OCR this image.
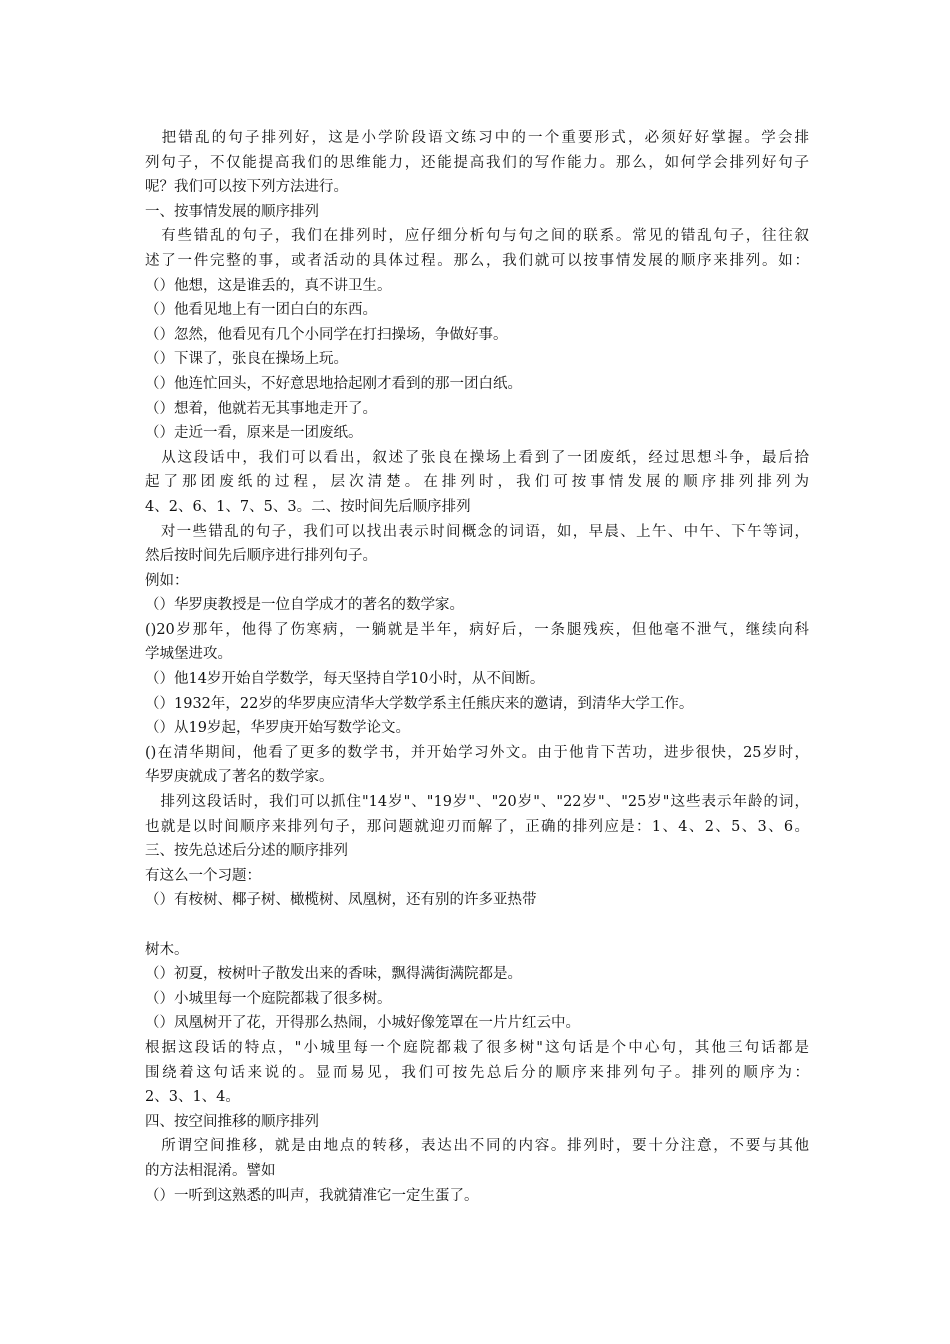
　把错乱的句子排列好，这是小学阶段语文练习中的一个重要形式，必须好好掌握。学会排
列句子，不仅能提高我们的思维能力，还能提高我们的写作能力。那么，如何学会排列好句子
呢？我们可以按下列方法进行。
一、按事情发展的顺序排列
　有些错乱的句子，我们在排列时，应仔细分析句与句之间的联系。常见的错乱句子，往往叙
述了一件完整的事，或者活动的具体过程。那么，我们就可以按事情发展的顺序来排列。如：
（）他想，这是谁丢的，真不讲卫生。
（）他看见地上有一团白白的东西。
（）忽然，他看见有几个小同学在打扫操场，争做好事。
（）下课了，张良在操场上玩。
（）他连忙回头，不好意思地拾起刚才看到的那一团白纸。
（）想着，他就若无其事地走开了。
（）走近一看，原来是一团废纸。
　从这段话中，我们可以看出，叙述了张良在操场上看到了一团废纸，经过思想斗争，最后拾
起了那团废纸的过程，层次清楚。在排列时，我们可按事情发展的顺序排列排列为
4、2、6、1、7、5、3。二、按时间先后顺序排列
　对一些错乱的句子，我们可以找出表示时间概念的词语，如，早晨、上午、中午、下午等词，
然后按时间先后顺序进行排列句子。
例如：
（）华罗庚教授是一位自学成才的著名的数学家。
()20岁那年，他得了伤寒病，一躺就是半年，病好后，一条腿残疾，但他毫不泄气，继续向科
学城堡进攻。
（）他14岁开始自学数学，每天坚持自学10小时，从不间断。
（）1932年，22岁的华罗庚应清华大学数学系主任熊庆来的邀请，到清华大学工作。
（）从19岁起，华罗庚开始写数学论文。
()在清华期间，他看了更多的数学书，并开始学习外文。由于他肯下苦功，进步很快，25岁时，
华罗庚就成了著名的数学家。
　排列这段话时，我们可以抓住"14岁"、"19岁"、"20岁"、"22岁"、"25岁"这些表示年龄的词，
也就是以时间顺序来排列句子，那问题就迎刃而解了，正确的排列应是：1、4、2、5、3、6。
三、按先总述后分述的顺序排列
有这么一个习题：
（）有桉树、椰子树、橄榄树、凤凰树，还有别的许多亚热带
树木。
（）初夏，桉树叶子散发出来的香味，飘得满街满院都是。
（）小城里每一个庭院都栽了很多树。
（）凤凰树开了花，开得那么热闹，小城好像笼罩在一片片红云中。
根据这段话的特点，"小城里每一个庭院都栽了很多树"这句话是个中心句，其他三句话都是
围绕着这句话来说的。显而易见，我们可按先总后分的顺序来排列句子。排列的顺序为：
2、3、1、4。
四、按空间推移的顺序排列
　所谓空间推移，就是由地点的转移，表达出不同的内容。排列时，要十分注意，不要与其他
的方法相混淆。譬如
（）一听到这熟悉的叫声，我就猜准它一定生蛋了。
